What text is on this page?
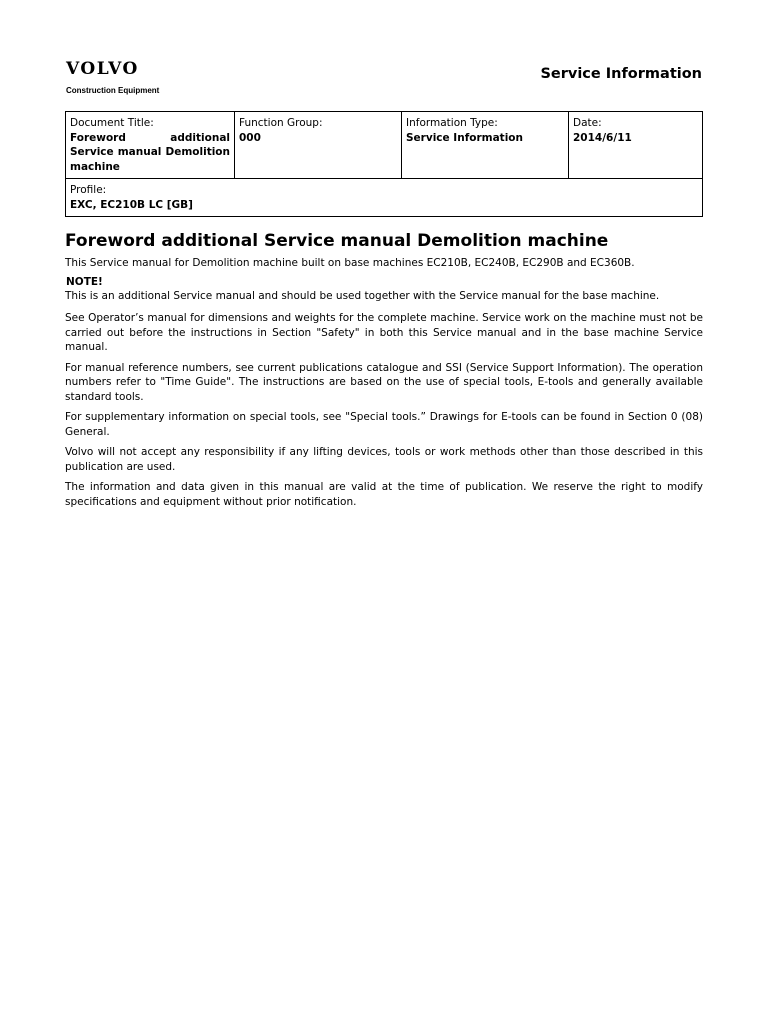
VOLVO
Construction Equipment
Service Information
Document Title:
Foreword additional Service manual Demolition machine

Function Group:
000

Information Type:
Service Information

Date:
2014/6/11

Profile:
EXC, EC210B LC [GB]
Foreword additional Service manual Demolition machine

This Service manual for Demolition machine built on base machines EC210B, EC240B, EC290B and EC360B.

NOTE!

This is an additional Service manual and should be used together with the Service manual for the base machine.

See Operator’s manual for dimensions and weights for the complete machine. Service work on the machine must not be carried out before the instructions in Section "Safety" in both this Service manual and in the base machine Service manual.

For manual reference numbers, see current publications catalogue and SSI (Service Support Information). The operation numbers refer to "Time Guide". The instructions are based on the use of special tools, E-tools and generally available standard tools.

For supplementary information on special tools, see "Special tools.” Drawings for E-tools can be found in Section 0 (08) General.

Volvo will not accept any responsibility if any lifting devices, tools or work methods other than those described in this publication are used.

The information and data given in this manual are valid at the time of publication. We reserve the right to modify specifications and equipment without prior notification.
